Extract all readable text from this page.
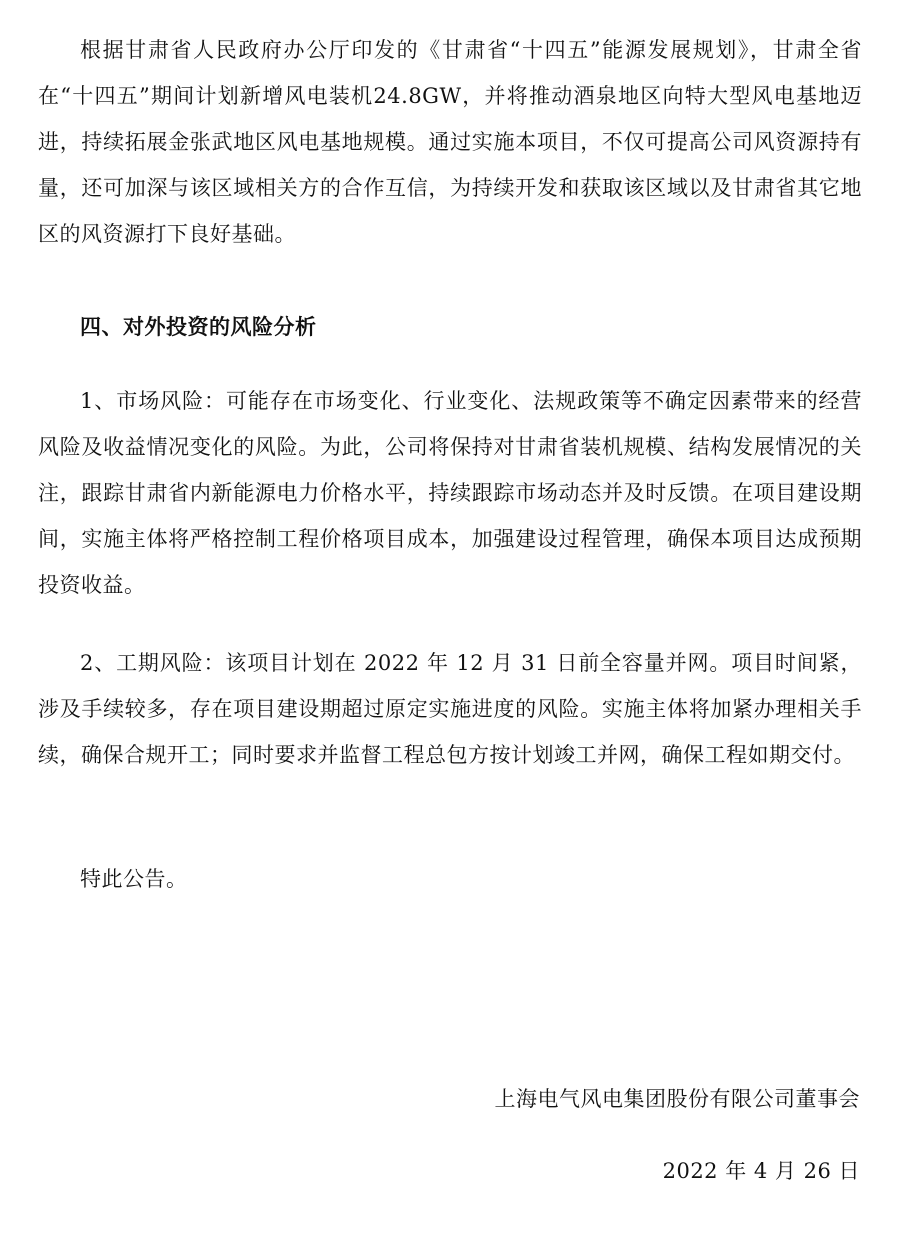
根据甘肃省人民政府办公厅印发的《甘肃省“十四五”能源发展规划》，甘肃全省在“十四五”期间计划新增风电装机24.8GW，并将推动酒泉地区向特大型风电基地迈进，持续拓展金张武地区风电基地规模。通过实施本项目，不仅可提高公司风资源持有量，还可加深与该区域相关方的合作互信，为持续开发和获取该区域以及甘肃省其它地区的风资源打下良好基础。

四、对外投资的风险分析

1、市场风险：可能存在市场变化、行业变化、法规政策等不确定因素带来的经营风险及收益情况变化的风险。为此，公司将保持对甘肃省装机规模、结构发展情况的关注，跟踪甘肃省内新能源电力价格水平，持续跟踪市场动态并及时反馈。在项目建设期间，实施主体将严格控制工程价格项目成本，加强建设过程管理，确保本项目达成预期投资收益。

2、工期风险：该项目计划在 2022 年 12 月 31 日前全容量并网。项目时间紧，涉及手续较多，存在项目建设期超过原定实施进度的风险。实施主体将加紧办理相关手续，确保合规开工；同时要求并监督工程总包方按计划竣工并网，确保工程如期交付。

特此公告。

上海电气风电集团股份有限公司董事会

2022 年 4 月 26 日
